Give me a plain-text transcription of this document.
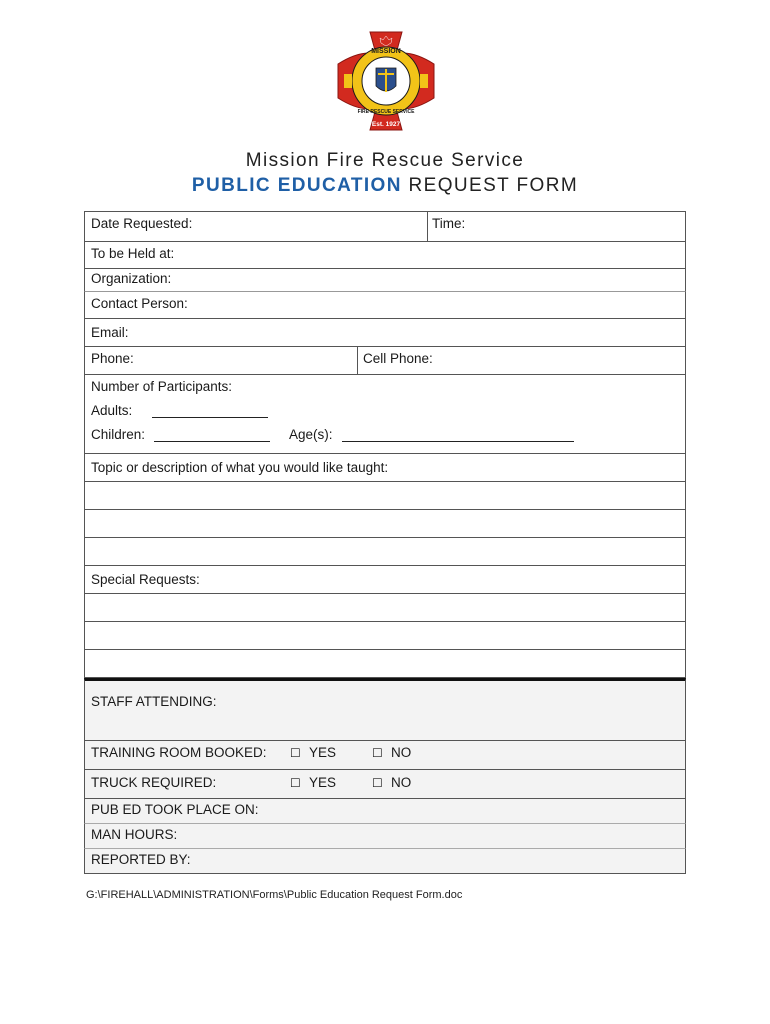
MISSION
FIRE RESCUE SERVICE
Est. 1927
Mission Fire Rescue Service
PUBLIC EDUCATION REQUEST FORM
Date Requested:	Time:
To be Held at:
Organization:
Contact Person:
Email:
Phone:	Cell Phone:
Number of Participants:
Adults:
Children:	Age(s):
Topic or description of what you would like taught:
Special Requests:
STAFF ATTENDING:
TRAINING ROOM BOOKED: ☐ YES	☐ NO
TRUCK REQUIRED:	☐ YES	☐ NO
PUB ED TOOK PLACE ON:
MAN HOURS:
REPORTED BY:
G:\FIREHALL\ADMINISTRATION\Forms\Public Education Request Form.doc
